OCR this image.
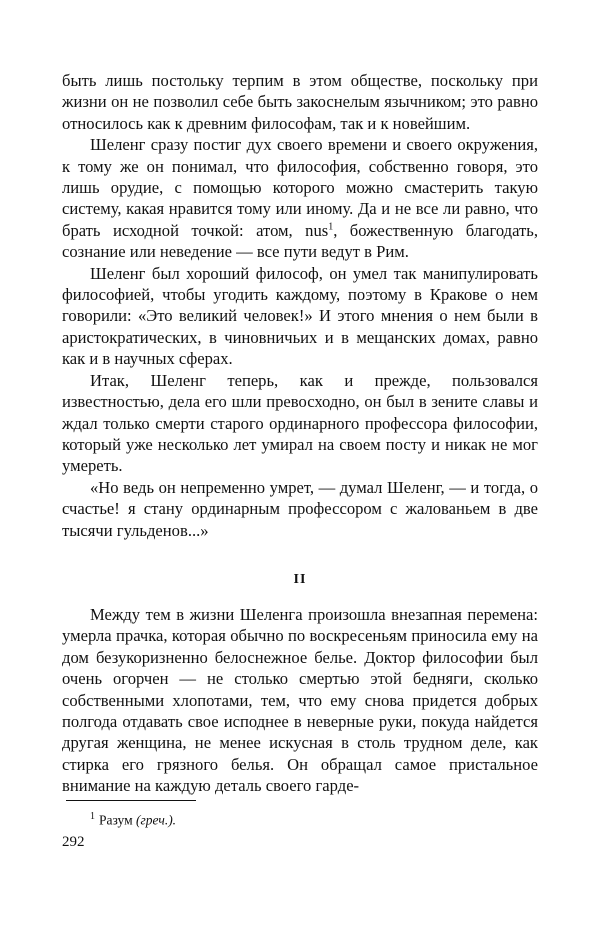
быть лишь постольку терпим в этом обществе, поскольку при жизни он не позволил себе быть закоснелым язычником; это равно относилось как к древним философам, так и к новейшим.

Шеленг сразу постиг дух своего времени и своего окружения, к тому же он понимал, что философия, собственно говоря, это лишь орудие, с помощью которого можно смастерить такую систему, какая нравится тому или иному. Да и не все ли равно, что брать исходной точкой: атом, nus$^1$, божественную благодать, сознание или неведение — все пути ведут в Рим.

Шеленг был хороший философ, он умел так манипулировать философией, чтобы угодить каждому, поэтому в Кракове о нем говорили: «Это великий человек!» И этого мнения о нем были в аристократических, в чиновничьих и в мещанских домах, равно как и в научных сферах.

Итак, Шеленг теперь, как и прежде, пользовался известностью, дела его шли превосходно, он был в зените славы и ждал только смерти старого ординарного профессора философии, который уже несколько лет умирал на своем посту и никак не мог умереть.

«Но ведь он непременно умрет, — думал Шеленг, — и тогда, о счастье! я стану ординарным профессором с жалованьем в две тысячи гульденов...»

II

Между тем в жизни Шеленга произошла внезапная перемена: умерла прачка, которая обычно по воскресеньям приносила ему на дом безукоризненно белоснежное белье. Доктор философии был очень огорчен — не столько смертью этой бедняги, сколько собственными хлопотами, тем, что ему снова придется добрых полгода отдавать свое исподнее в неверные руки, покуда найдется другая женщина, не менее искусная в столь трудном деле, как стирка его грязного белья. Он обращал самое пристальное внимание на каждую деталь своего гарде-

$^1$ Разум (греч.).
292
